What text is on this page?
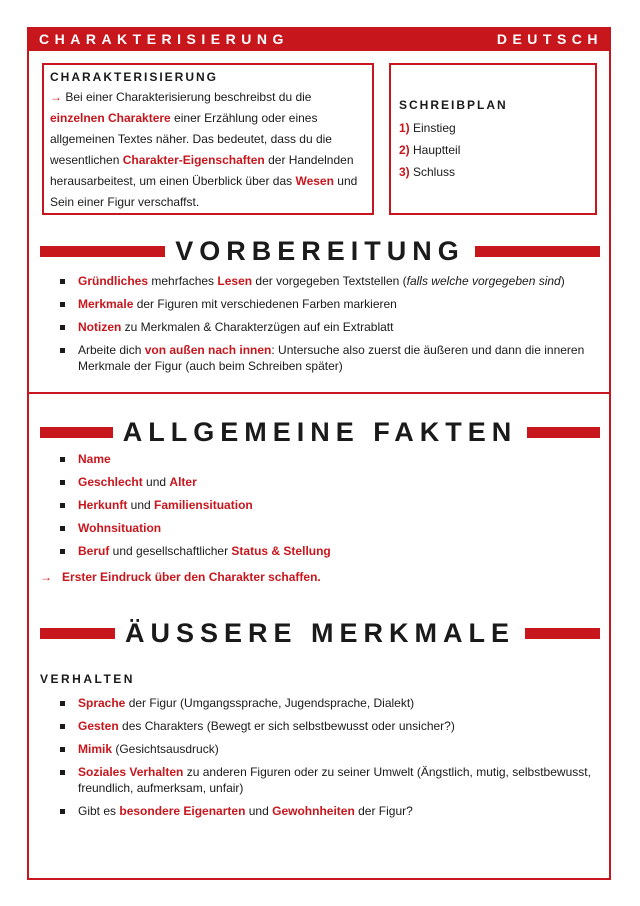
CHARAKTERISIERUNG	DEUTSCH
CHARAKTERISIERUNG
→ Bei einer Charakterisierung beschreibst du die einzelnen Charaktere einer Erzählung oder eines allgemeinen Textes näher. Das bedeutet, dass du die wesentlichen Charakter-Eigenschaften der Handelnden herausarbeitest, um einen Überblick über das Wesen und Sein einer Figur verschaffst.
SCHREIBPLAN
1) Einstieg
2) Hauptteil
3) Schluss
VORBEREITUNG
Gründliches mehrfaches Lesen der vorgegeben Textstellen (falls welche vorgegeben sind)
Merkmale der Figuren mit verschiedenen Farben markieren
Notizen zu Merkmalen & Charakterzügen auf ein Extrablatt
Arbeite dich von außen nach innen: Untersuche also zuerst die äußeren und dann die inneren Merkmale der Figur (auch beim Schreiben später)
ALLGEMEINE FAKTEN
Name
Geschlecht und Alter
Herkunft und Familiensituation
Wohnsituation
Beruf und gesellschaftlicher Status & Stellung
→ Erster Eindruck über den Charakter schaffen.
ÄUSSERE MERKMALE
VERHALTEN
Sprache der Figur (Umgangssprache, Jugendsprache, Dialekt)
Gesten des Charakters (Bewegt er sich selbstbewusst oder unsicher?)
Mimik (Gesichtsausdruck)
Soziales Verhalten zu anderen Figuren oder zu seiner Umwelt (Ängstlich, mutig, selbstbewusst, freundlich, aufmerksam, unfair)
Gibt es besondere Eigenarten und Gewohnheiten der Figur?
